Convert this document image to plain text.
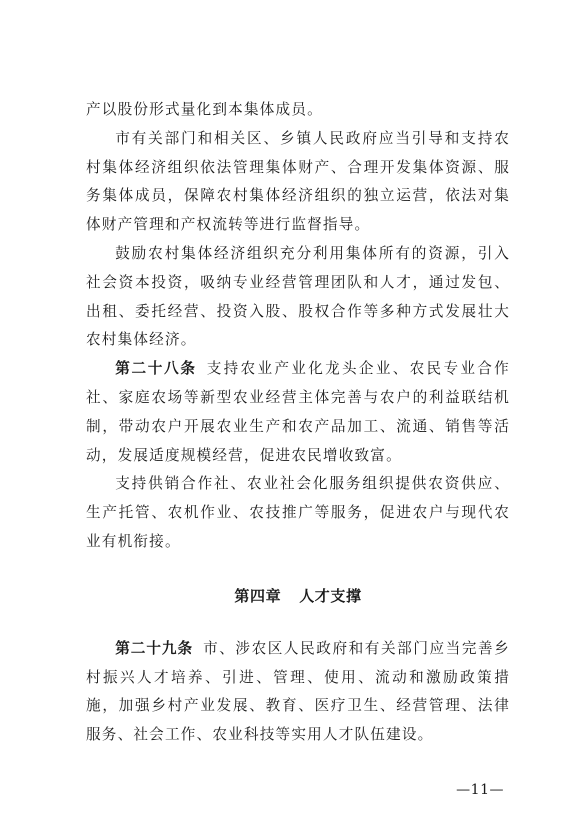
产以股份形式量化到本集体成员。

市有关部门和相关区、乡镇人民政府应当引导和支持农村集体经济组织依法管理集体财产、合理开发集体资源、服务集体成员，保障农村集体经济组织的独立运营，依法对集体财产管理和产权流转等进行监督指导。

鼓励农村集体经济组织充分利用集体所有的资源，引入社会资本投资，吸纳专业经营管理团队和人才，通过发包、出租、委托经营、投资入股、股权合作等多种方式发展壮大农村集体经济。

第二十八条 支持农业产业化龙头企业、农民专业合作社、家庭农场等新型农业经营主体完善与农户的利益联结机制，带动农户开展农业生产和农产品加工、流通、销售等活动，发展适度规模经营，促进农民增收致富。

支持供销合作社、农业社会化服务组织提供农资供应、生产托管、农机作业、农技推广等服务，促进农户与现代农业有机衔接。

第四章 人才支撑

第二十九条 市、涉农区人民政府和有关部门应当完善乡村振兴人才培养、引进、管理、使用、流动和激励政策措施，加强乡村产业发展、教育、医疗卫生、经营管理、法律服务、社会工作、农业科技等实用人才队伍建设。

—11—
